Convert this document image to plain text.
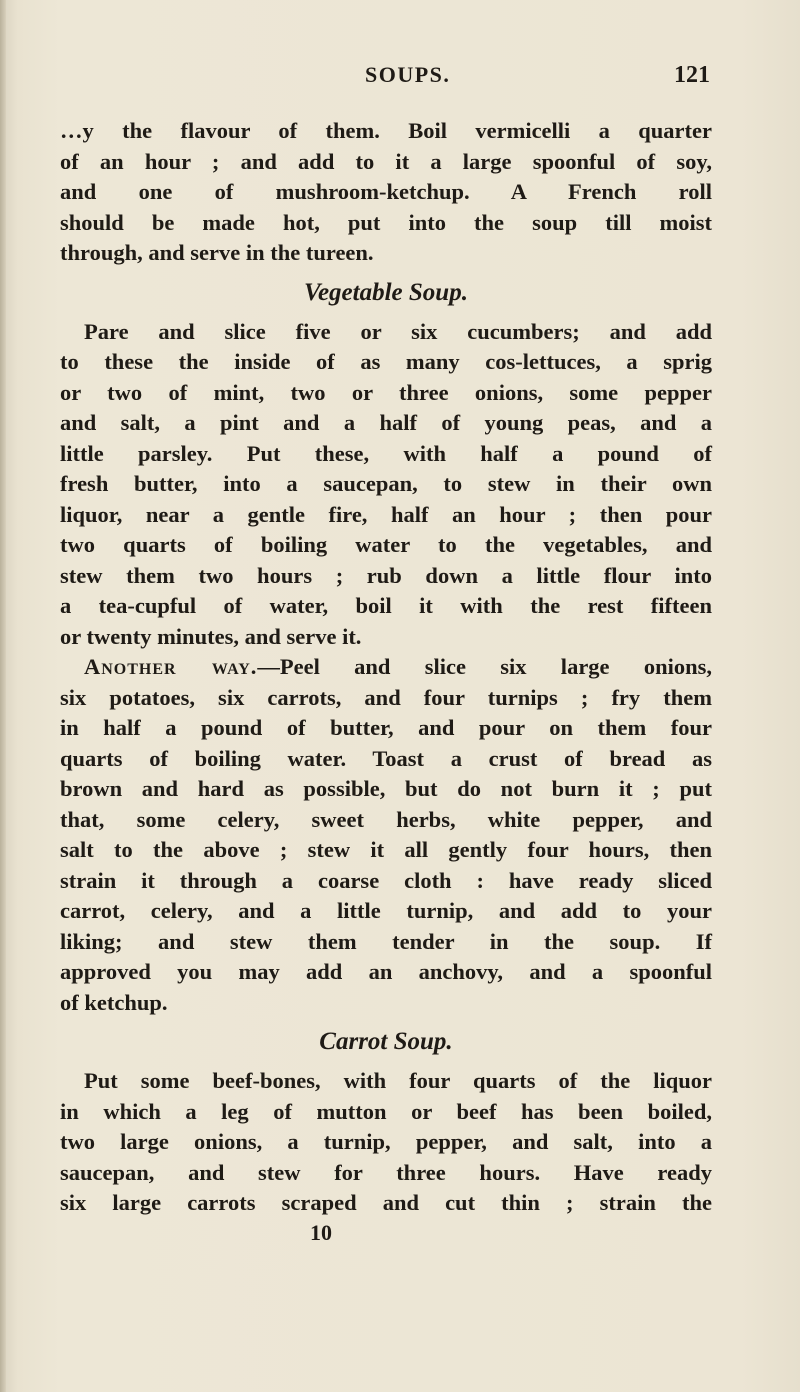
SOUPS.	121
…y the flavour of them. Boil vermicelli a quarter
of an hour ; and add to it a large spoonful of soy,
and one of mushroom-ketchup. A French roll
should be made hot, put into the soup till moist
through, and serve in the tureen.
Vegetable Soup.
Pare and slice five or six cucumbers; and add
to these the inside of as many cos-lettuces, a sprig
or two of mint, two or three onions, some pepper
and salt, a pint and a half of young peas, and a
little parsley. Put these, with half a pound of
fresh butter, into a saucepan, to stew in their own
liquor, near a gentle fire, half an hour ; then pour
two quarts of boiling water to the vegetables, and
stew them two hours ; rub down a little flour into
a tea-cupful of water, boil it with the rest fifteen
or twenty minutes, and serve it.
Another way.—Peel and slice six large onions,
six potatoes, six carrots, and four turnips ; fry them
in half a pound of butter, and pour on them four
quarts of boiling water. Toast a crust of bread as
brown and hard as possible, but do not burn it ; put
that, some celery, sweet herbs, white pepper, and
salt to the above ; stew it all gently four hours, then
strain it through a coarse cloth : have ready sliced
carrot, celery, and a little turnip, and add to your
liking; and stew them tender in the soup. If
approved you may add an anchovy, and a spoonful
of ketchup.
Carrot Soup.
Put some beef-bones, with four quarts of the liquor
in which a leg of mutton or beef has been boiled,
two large onions, a turnip, pepper, and salt, into a
saucepan, and stew for three hours. Have ready
six large carrots scraped and cut thin ; strain the
10
